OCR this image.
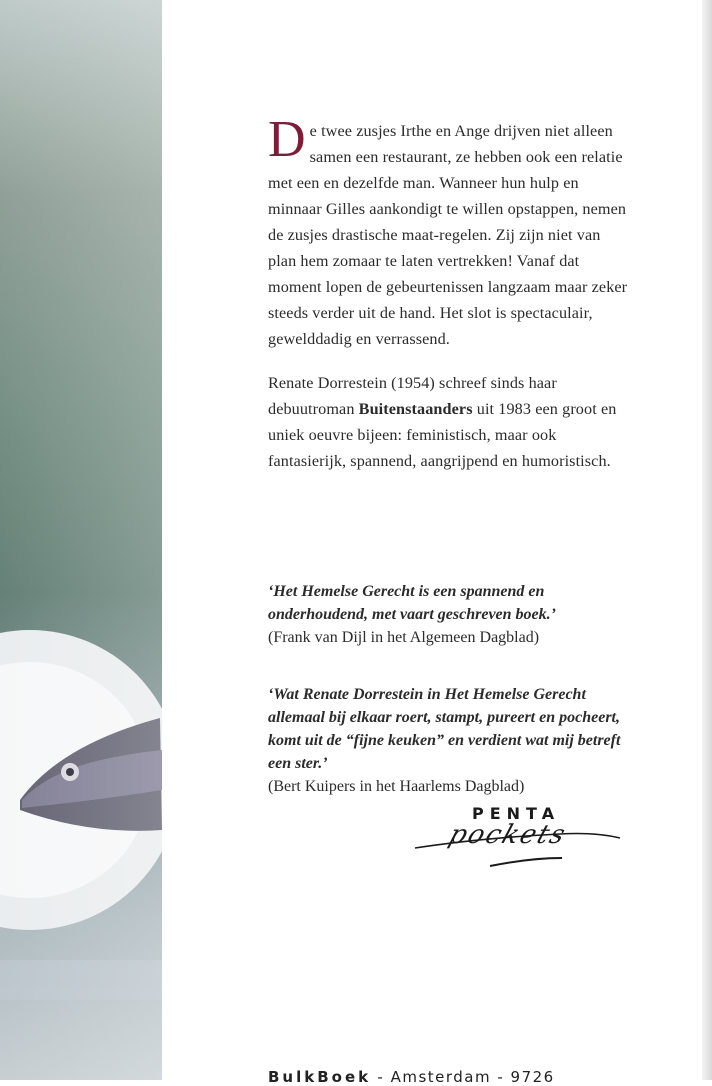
De twee zusjes Irthe en Ange drijven niet alleen samen een restaurant, ze hebben ook een relatie met een en dezelfde man. Wanneer hun hulp en minnaar Gilles aankondigt te willen opstappen, nemen de zusjes drastische maat-regelen. Zij zijn niet van plan hem zomaar te laten vertrekken! Vanaf dat moment lopen de gebeurtenissen langzaam maar zeker steeds verder uit de hand. Het slot is spectaculair, gewelddadig en verrassend.

Renate Dorrestein (1954) schreef sinds haar debuutroman Buitenstaanders uit 1983 een groot en uniek oeuvre bijeen: feministisch, maar ook fantasierijk, spannend, aangrijpend en humoristisch.

‘Het Hemelse Gerecht is een spannend en onderhoudend, met vaart geschreven boek.’
(Frank van Dijl in het Algemeen Dagblad)
‘Wat Renate Dorrestein in Het Hemelse Gerecht allemaal bij elkaar roert, stampt, pureert en pocheert, komt uit de “fijne keuken” en verdient wat mij betreft een ster.’
(Bert Kuipers in het Haarlems Dagblad)
PENTA
pockets
BulkBoek - Amsterdam - 9726
